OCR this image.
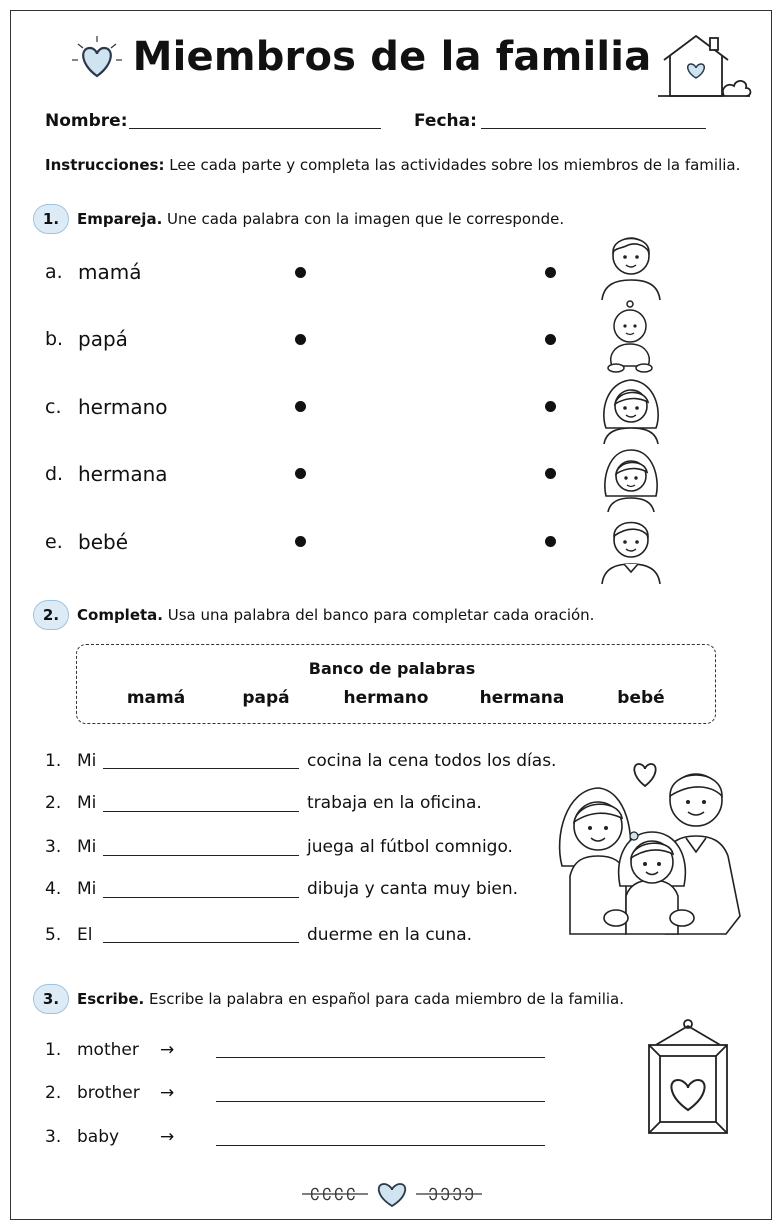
Miembros de la familia
Nombre:	Fecha:
Instrucciones: Lee cada parte y completa las actividades sobre los miembros de la familia.
1.	Empareja. Une cada palabra con la imagen que le corresponde.
a. mamá
b. papá
c. hermano
d. hermana
e. bebé
2.	Completa. Usa una palabra del banco para completar cada oración.
Banco de palabras
mamá	papá	hermano	hermana	bebé
1. Mi	cocina la cena todos los días.
2. Mi	trabaja en la oficina.
3. Mi	juega al fútbol comnigo.
4. Mi	dibuja y canta muy bien.
5. El	duerme en la cuna.
3.	Escribe. Escribe la palabra en español para cada miembro de la familia.
1. mother →
2. brother →
3. baby →
